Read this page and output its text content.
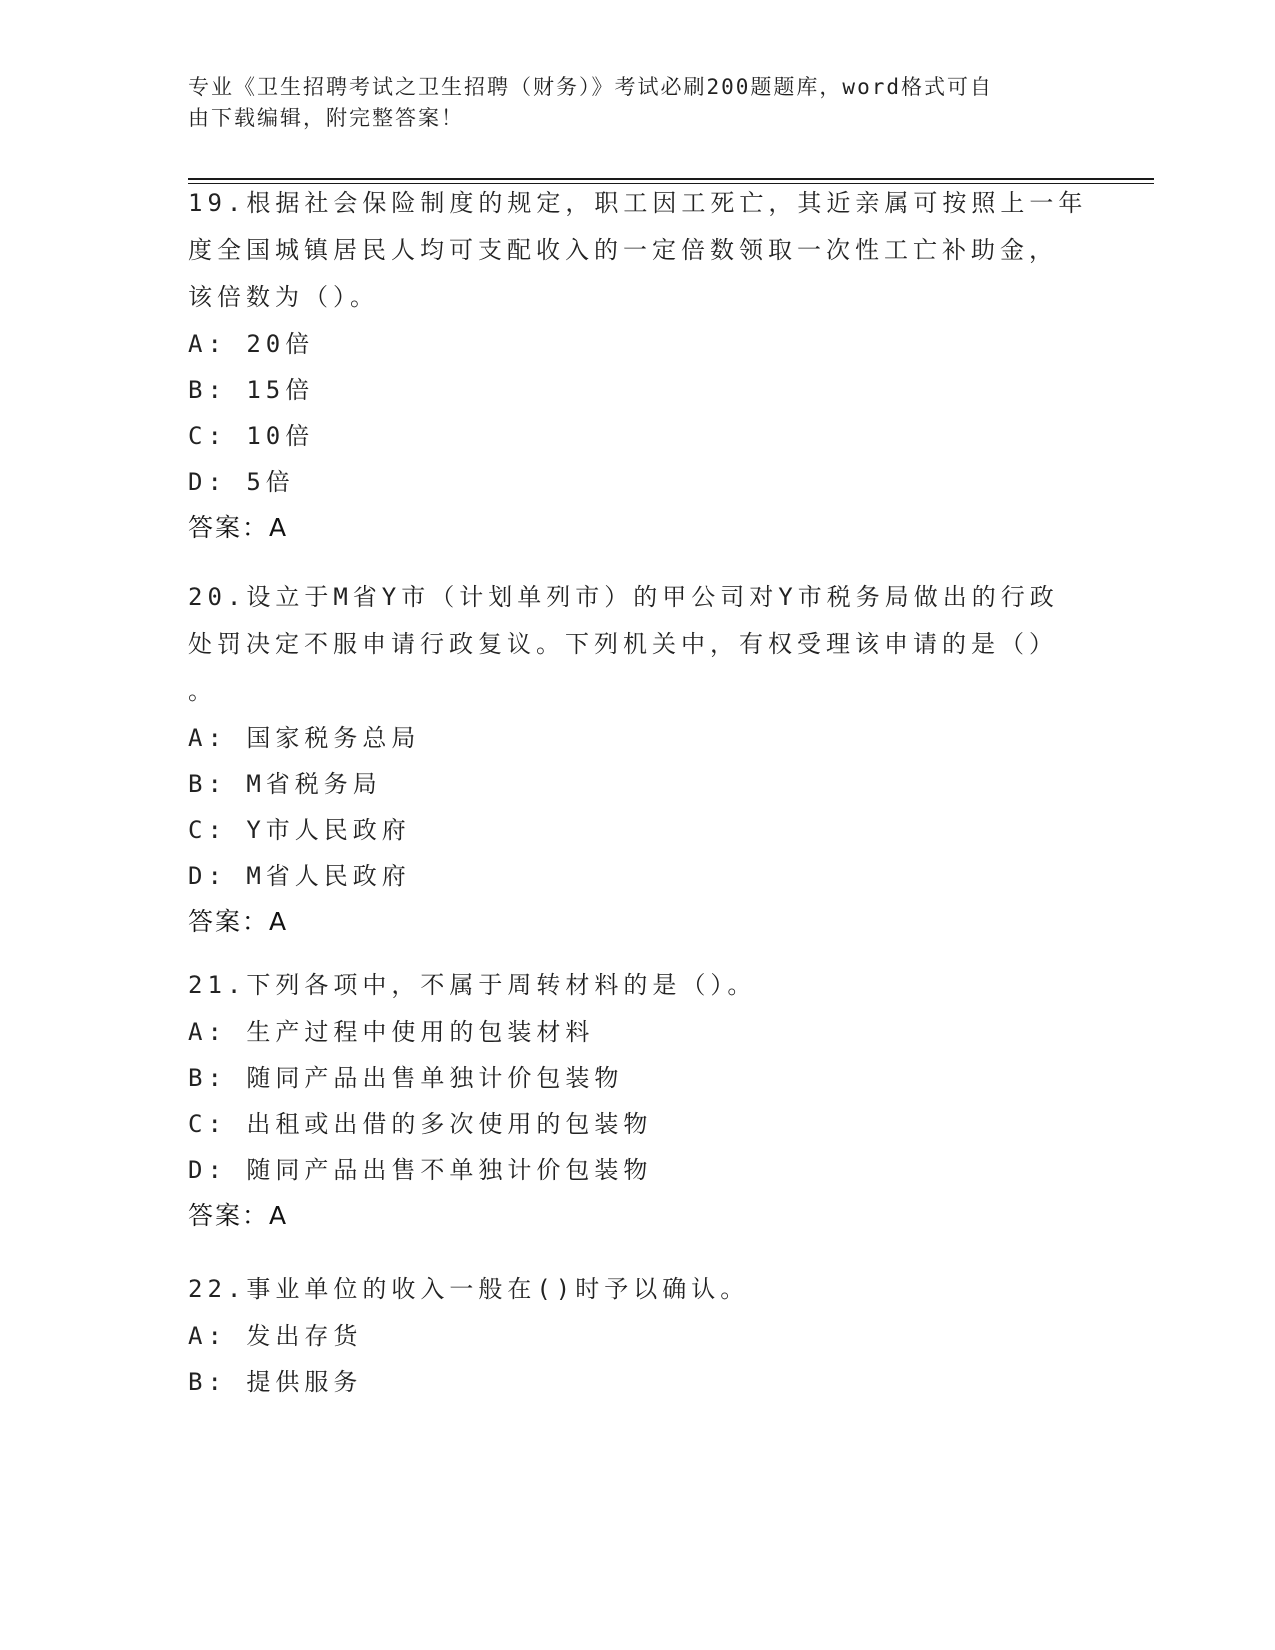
专业《卫生招聘考试之卫生招聘（财务）》考试必刷200题题库，word格式可自
由下载编辑，附完整答案！
19.根据社会保险制度的规定，职工因工死亡，其近亲属可按照上一年
度全国城镇居民人均可支配收入的一定倍数领取一次性工亡补助金，
该倍数为（）。
A: 20倍
B: 15倍
C: 10倍
D: 5倍
答案：A
20.设立于M省Y市（计划单列市）的甲公司对Y市税务局做出的行政
处罚决定不服申请行政复议。下列机关中，有权受理该申请的是（）
。
A: 国家税务总局
B: M省税务局
C: Y市人民政府
D: M省人民政府
答案：A
21.下列各项中，不属于周转材料的是（）。
A: 生产过程中使用的包装材料
B: 随同产品出售单独计价包装物
C: 出租或出借的多次使用的包装物
D: 随同产品出售不单独计价包装物
答案：A
22.事业单位的收入一般在()时予以确认。
A: 发出存货
B: 提供服务
